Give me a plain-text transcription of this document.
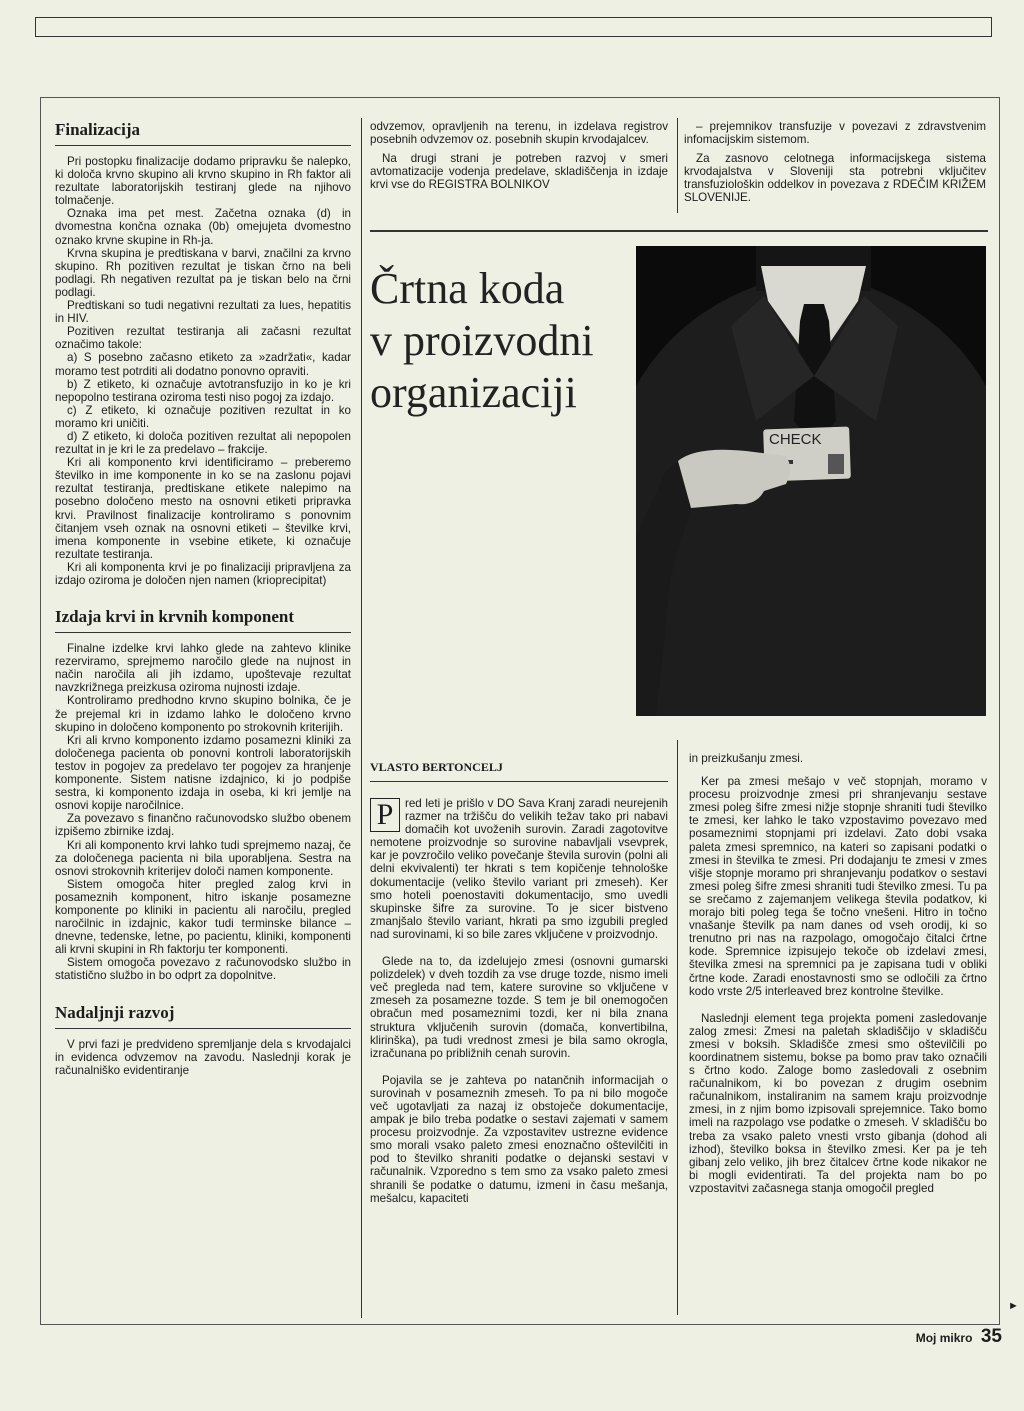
Finalizacija

Pri postopku finalizacije dodamo pripravku še nalepko, ki določa krvno skupino ali krvno skupino in Rh faktor ali rezultate laboratorijskih testiranj glede na njihovo tolmačenje.

Oznaka ima pet mest. Začetna oznaka (d) in dvomestna končna oznaka (0b) omejujeta dvomestno oznako krvne skupine in Rh-ja.

Krvna skupina je predtiskana v barvi, značilni za krvno skupino. Rh pozitiven rezultat je tiskan črno na beli podlagi. Rh negativen rezultat pa je tiskan belo na črni podlagi.

Predtiskani so tudi negativni rezultati za lues, hepatitis in HIV.

Pozitiven rezultat testiranja ali začasni rezultat označimo takole:

a) S posebno začasno etiketo za »zadržati«, kadar moramo test potrditi ali dodatno ponovno opraviti.

b) Z etiketo, ki označuje avtotransfuzijo in ko je kri nepopolno testirana oziroma testi niso pogoj za izdajo.

c) Z etiketo, ki označuje pozitiven rezultat in ko moramo kri uničiti.

d) Z etiketo, ki določa pozitiven rezultat ali nepopolen rezultat in je kri le za predelavo – frakcije.

Kri ali komponento krvi identificiramo – preberemo številko in ime komponente in ko se na zaslonu pojavi rezultat testiranja, predtiskane etikete nalepimo na posebno določeno mesto na osnovni etiketi pripravka krvi. Pravilnost finalizacije kontroliramo s ponovnim čitanjem vseh oznak na osnovni etiketi – številke krvi, imena komponente in vsebine etikete, ki označuje rezultate testiranja.

Kri ali komponenta krvi je po finalizaciji pripravljena za izdajo oziroma je določen njen namen (krioprecipitat)

Izdaja krvi in krvnih komponent

Finalne izdelke krvi lahko glede na zahtevo klinike rezerviramo, sprejmemo naročilo glede na nujnost in način naročila ali jih izdamo, upoštevaje rezultat navzkrižnega preizkusa oziroma nujnosti izdaje.

Kontroliramo predhodno krvno skupino bolnika, če je že prejemal kri in izdamo lahko le določeno krvno skupino in določeno komponento po strokovnih kriterijih.

Kri ali krvno komponento izdamo posamezni kliniki za določenega pacienta ob ponovni kontroli laboratorijskih testov in pogojev za predelavo ter pogojev za hranjenje komponente. Sistem natisne izdajnico, ki jo podpiše sestra, ki komponento izdaja in oseba, ki kri jemlje na osnovi kopije naročilnice.

Za povezavo s finančno računovodsko službo obenem izpišemo zbirnike izdaj.

Kri ali komponento krvi lahko tudi sprejmemo nazaj, če za določenega pacienta ni bila uporabljena. Sestra na osnovi strokovnih kriterijev določi namen komponente.

Sistem omogoča hiter pregled zalog krvi in posameznih komponent, hitro iskanje posamezne komponente po kliniki in pacientu ali naročilu, pregled naročilnic in izdajnic, kakor tudi terminske bilance – dnevne, tedenske, letne, po pacientu, kliniki, komponenti ali krvni skupini in Rh faktorju ter komponenti.

Sistem omogoča povezavo z računovodsko službo in statistično službo in bo odprt za dopolnitve.

Nadaljnji razvoj

V prvi fazi je predvideno spremljanje dela s krvodajalci in evidenca odvzemov na zavodu. Naslednji korak je računalniško evidentiranje

odvzemov, opravljenih na terenu, in izdelava registrov posebnih odvzemov oz. posebnih skupin krvodajalcev.

Na drugi strani je potreben razvoj v smeri avtomatizacije vodenja predelave, skladiščenja in izdaje krvi vse do REGISTRA BOLNIKOV

– prejemnikov transfuzije v povezavi z zdravstvenim infomacijskim sistemom.

Za zasnovo celotnega informacijskega sistema krvodajalstva v Sloveniji sta potrebni vključitev transfuziološkin oddelkov in povezava z RDEČIM KRIŽEM SLOVENIJE.

Črtna koda
v proizvodni
organizaciji
CHECK
VLASTO BERTONCELJ
P	red leti je prišlo v DO Sava Kranj zaradi neurejenih razmer na tržišču do velikih težav tako pri nabavi domačih kot uvoženih surovin. Zaradi zagotovitve nemotene proizvodnje so surovine nabavljali vsevprek, kar je povzročilo veliko povečanje števila surovin (polni ali delni ekvivalenti) ter hkrati s tem kopičenje tehnološke dokumentacije (veliko število variant pri zmeseh). Ker smo hoteli poenostaviti dokumentacijo, smo uvedli skupinske šifre za surovine. To je sicer bistveno zmanjšalo število variant, hkrati pa smo izgubili pregled nad surovinami, ki so bile zares vključene v proizvodnjo.

Glede na to, da izdelujejo zmesi (osnovni gumarski polizdelek) v dveh tozdih za vse druge tozde, nismo imeli več pregleda nad tem, katere surovine so vključene v zmeseh za posamezne tozde. S tem je bil onemogočen obračun med posameznimi tozdi, ker ni bila znana struktura vključenih surovin (domača, konvertibilna, klirinška), pa tudi vrednost zmesi je bila samo okrogla, izračunana po približnih cenah surovin.

Pojavila se je zahteva po natančnih informacijah o surovinah v posameznih zmeseh. To pa ni bilo mogoče več ugotavljati za nazaj iz obstoječe dokumentacije, ampak je bilo treba podatke o sestavi zajemati v samem procesu proizvodnje. Za vzpostavitev ustrezne evidence smo morali vsako paleto zmesi enoznačno oštevilčiti in pod to številko shraniti podatke o dejanski sestavi v računalnik. Vzporedno s tem smo za vsako paleto zmesi shranili še podatke o datumu, izmeni in času mešanja, mešalcu, kapaciteti

in preizkušanju zmesi.

Ker pa zmesi mešajo v več stopnjah, moramo v procesu proizvodnje zmesi pri shranjevanju sestave zmesi poleg šifre zmesi nižje stopnje shraniti tudi številko te zmesi, ker lahko le tako vzpostavimo povezavo med posameznimi stopnjami pri izdelavi. Zato dobi vsaka paleta zmesi spremnico, na kateri so zapisani podatki o zmesi in številka te zmesi. Pri dodajanju te zmesi v zmes višje stopnje moramo pri shranjevanju podatkov o sestavi zmesi poleg šifre zmesi shraniti tudi številko zmesi. Tu pa se srečamo z zajemanjem velikega števila podatkov, ki morajo biti poleg tega še točno vnešeni. Hitro in točno vnašanje številk pa nam danes od vseh orodij, ki so trenutno pri nas na razpolago, omogočajo čitalci črtne kode. Spremnice izpisujejo tekoče ob izdelavi zmesi, številka zmesi na spremnici pa je zapisana tudi v obliki črtne kode. Zaradi enostavnosti smo se odločili za črtno kodo vrste 2/5 interleaved brez kontrolne številke.

Naslednji element tega projekta pomeni zasledovanje zalog zmesi: Zmesi na paletah skladiščijo v skladišču zmesi v boksih. Skladišče zmesi smo oštevilčili po koordinatnem sistemu, bokse pa bomo prav tako označili s črtno kodo. Zaloge bomo zasledovali z osebnim računalnikom, ki bo povezan z drugim osebnim računalnikom, instaliranim na samem kraju proizvodnje zmesi, in z njim bomo izpisovali sprejemnice. Tako bomo imeli na razpolago vse podatke o zmeseh. V skladišču bo treba za vsako paleto vnesti vrsto gibanja (dohod ali izhod), številko boksa in številko zmesi. Ker pa je teh gibanj zelo veliko, jih brez čitalcev črtne kode nikakor ne bi mogli evidentirati. Ta del projekta nam bo po vzpostavitvi začasnega stanja omogočil pregled

►
Moj mikro 35
